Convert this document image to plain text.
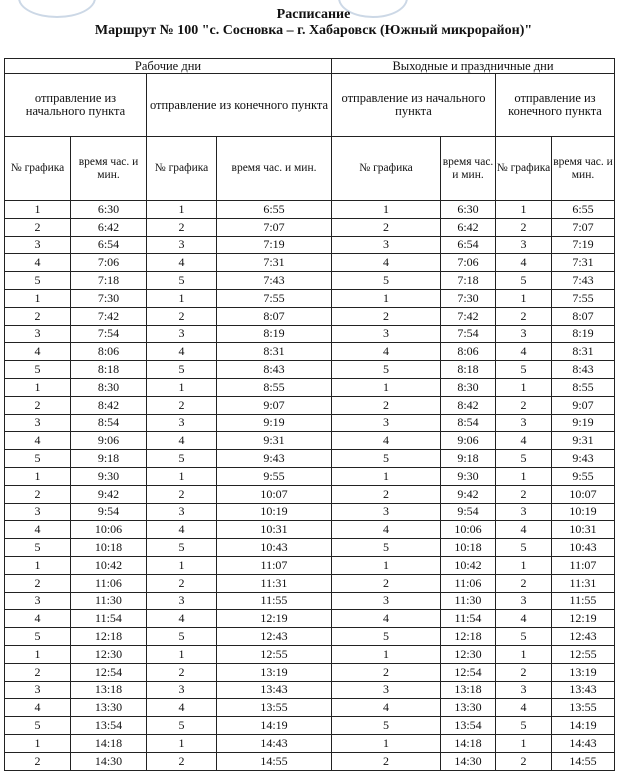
Расписание
Маршрут № 100 "с. Сосновка – г. Хабаровск (Южный микрорайон)"
Рабочие дни				Выходные и праздничные дни			
отправление из начального пункта		отправление из конечного пункта		отправление из начального пункта		отправление из конечного пункта	
№ графика	время час. и мин.	№ графика	время час. и мин.	№ графика	время час. и мин.	№ графика	время час. и мин.
1	6:30	1	6:55	1	6:30	1	6:55
2	6:42	2	7:07	2	6:42	2	7:07
3	6:54	3	7:19	3	6:54	3	7:19
4	7:06	4	7:31	4	7:06	4	7:31
5	7:18	5	7:43	5	7:18	5	7:43
1	7:30	1	7:55	1	7:30	1	7:55
2	7:42	2	8:07	2	7:42	2	8:07
3	7:54	3	8:19	3	7:54	3	8:19
4	8:06	4	8:31	4	8:06	4	8:31
5	8:18	5	8:43	5	8:18	5	8:43
1	8:30	1	8:55	1	8:30	1	8:55
2	8:42	2	9:07	2	8:42	2	9:07
3	8:54	3	9:19	3	8:54	3	9:19
4	9:06	4	9:31	4	9:06	4	9:31
5	9:18	5	9:43	5	9:18	5	9:43
1	9:30	1	9:55	1	9:30	1	9:55
2	9:42	2	10:07	2	9:42	2	10:07
3	9:54	3	10:19	3	9:54	3	10:19
4	10:06	4	10:31	4	10:06	4	10:31
5	10:18	5	10:43	5	10:18	5	10:43
1	10:42	1	11:07	1	10:42	1	11:07
2	11:06	2	11:31	2	11:06	2	11:31
3	11:30	3	11:55	3	11:30	3	11:55
4	11:54	4	12:19	4	11:54	4	12:19
5	12:18	5	12:43	5	12:18	5	12:43
1	12:30	1	12:55	1	12:30	1	12:55
2	12:54	2	13:19	2	12:54	2	13:19
3	13:18	3	13:43	3	13:18	3	13:43
4	13:30	4	13:55	4	13:30	4	13:55
5	13:54	5	14:19	5	13:54	5	14:19
1	14:18	1	14:43	1	14:18	1	14:43
2	14:30	2	14:55	2	14:30	2	14:55
